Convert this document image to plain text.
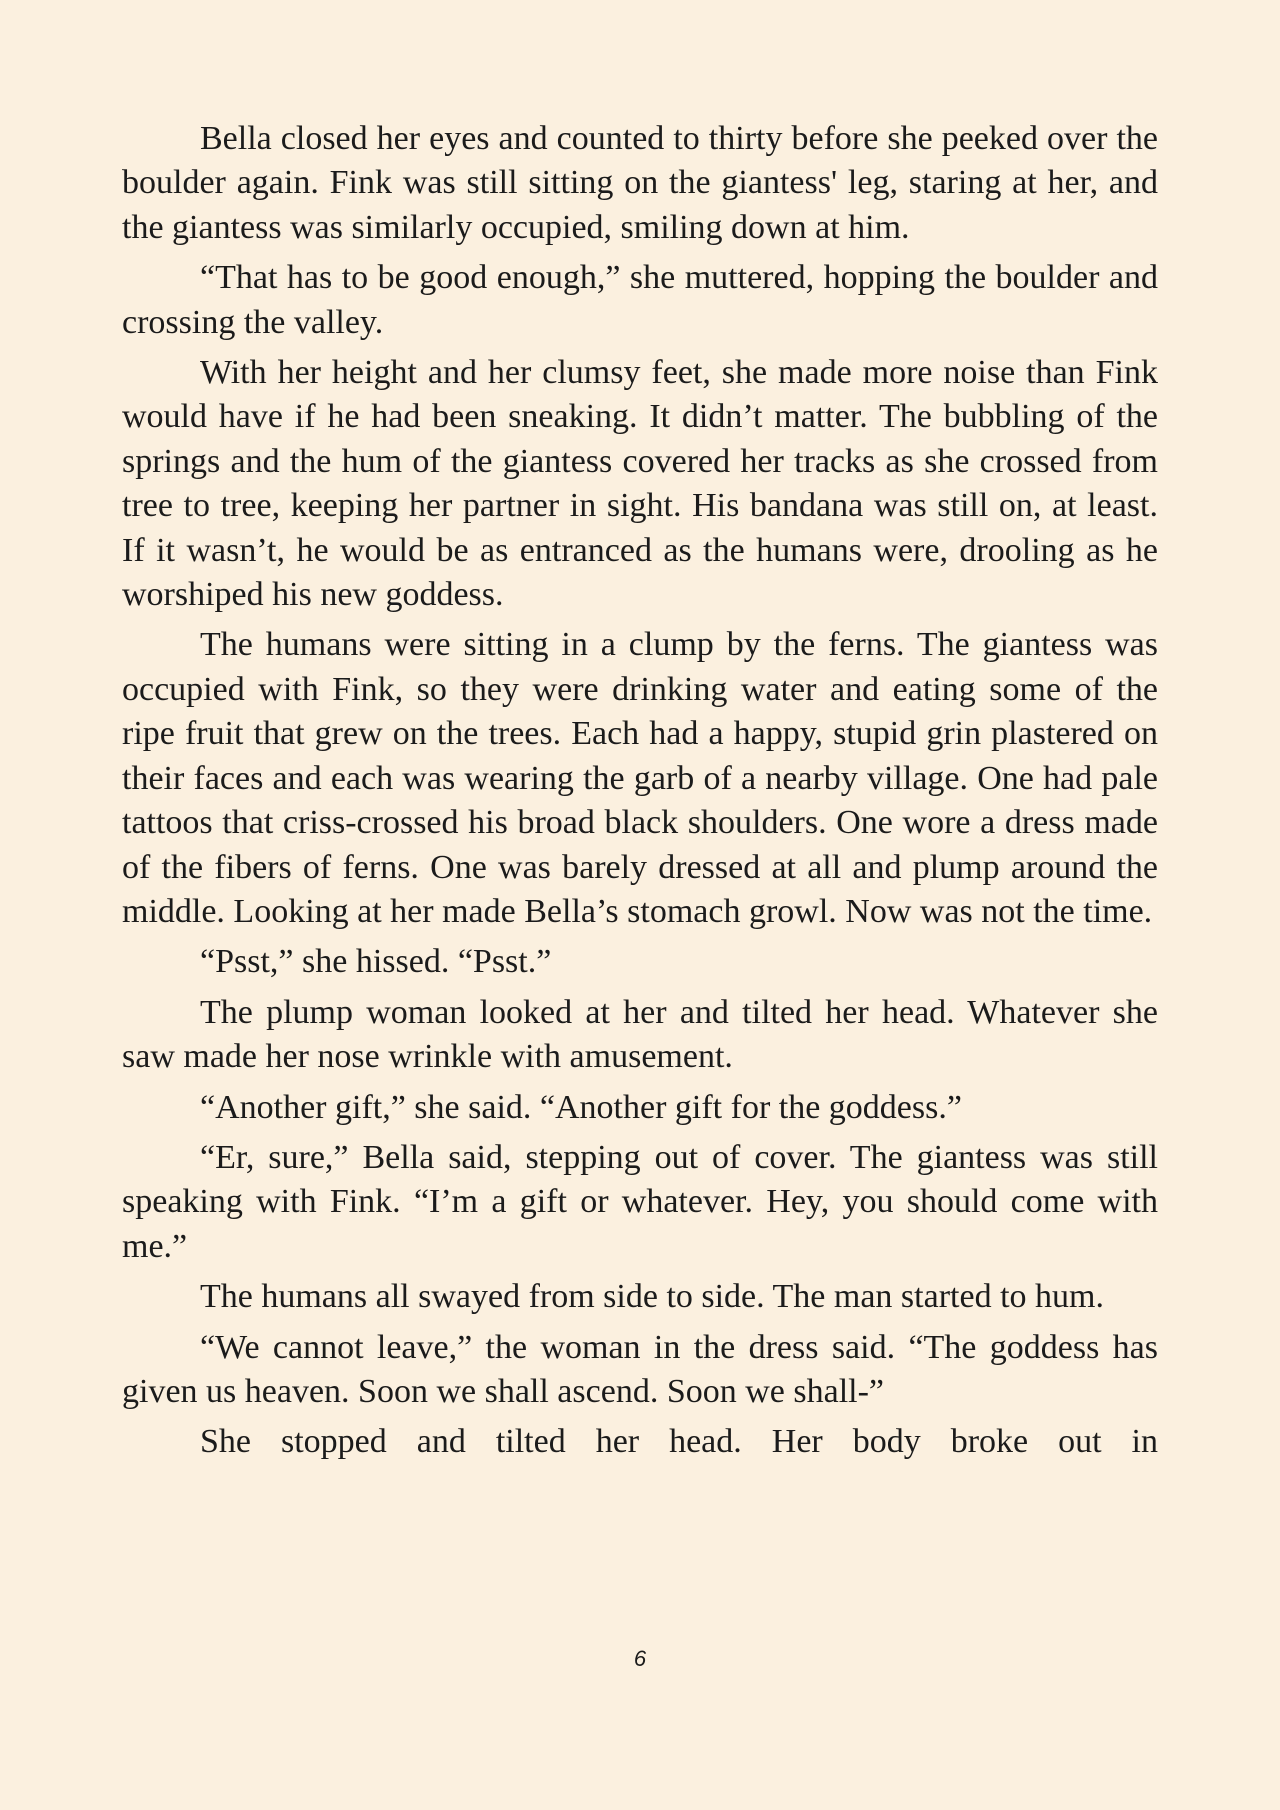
Bella closed her eyes and counted to thirty before she peeked over the boulder again. Fink was still sitting on the giantess' leg, staring at her, and the giantess was similarly occupied, smiling down at him.

“That has to be good enough,” she muttered, hopping the boulder and crossing the valley.

With her height and her clumsy feet, she made more noise than Fink would have if he had been sneaking. It didn’t matter. The bubbling of the springs and the hum of the giantess covered her tracks as she crossed from tree to tree, keeping her partner in sight. His bandana was still on, at least. If it wasn’t, he would be as entranced as the humans were, drooling as he worshiped his new goddess.

The humans were sitting in a clump by the ferns. The giantess was occupied with Fink, so they were drinking water and eating some of the ripe fruit that grew on the trees. Each had a happy, stupid grin plastered on their faces and each was wearing the garb of a nearby village. One had pale tattoos that criss-crossed his broad black shoulders. One wore a dress made of the fibers of ferns. One was barely dressed at all and plump around the middle. Looking at her made Bella’s stomach growl. Now was not the time.

“Psst,” she hissed. “Psst.”

The plump woman looked at her and tilted her head. Whatever she saw made her nose wrinkle with amusement.

“Another gift,” she said. “Another gift for the goddess.”

“Er, sure,” Bella said, stepping out of cover. The giantess was still speaking with Fink. “I’m a gift or whatever. Hey, you should come with me.”

The humans all swayed from side to side. The man started to hum.

“We cannot leave,” the woman in the dress said. “The goddess has given us heaven. Soon we shall ascend. Soon we shall-”

She stopped and tilted her head. Her body broke out in

6
